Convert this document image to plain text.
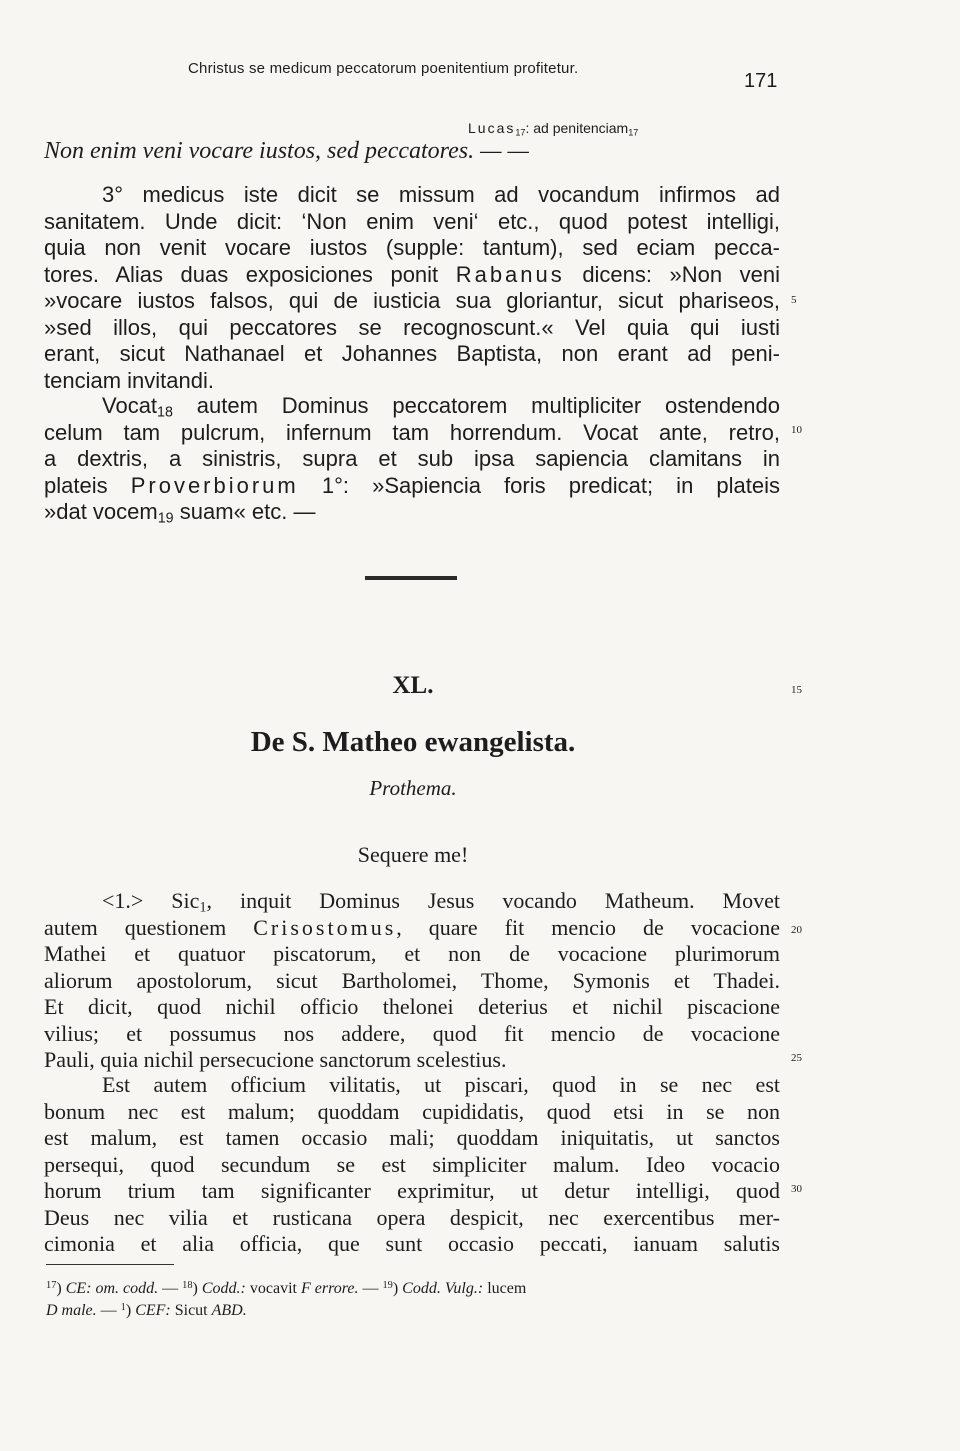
Christus se medicum peccatorum poenitentium profitetur.
171
Lucas$_{17}$: ad penitenciam$_{17}$
Non enim veni vocare iustos, sed peccatores. — —
3° medicus iste dicit se missum ad vocandum infirmos ad
sanitatem. Unde dicit: ‘Non enim veni‘ etc., quod potest intelligi,
quia non venit vocare iustos (supple: tantum), sed eciam pecca-
tores. Alias duas exposiciones ponit Rabanus dicens: »Non veni
»vocare iustos falsos, qui de iusticia sua gloriantur, sicut phariseos,
»sed illos, qui peccatores se recognoscunt.« Vel quia qui iusti
erant, sicut Nathanael et Johannes Baptista, non erant ad peni-
tenciam invitandi.
Vocat$_{18}$ autem Dominus peccatorem multipliciter ostendendo
celum tam pulcrum, infernum tam horrendum. Vocat ante, retro,
a dextris, a sinistris, supra et sub ipsa sapiencia clamitans in
plateis Proverbiorum 1°: »Sapiencia foris predicat; in plateis
»dat vocem$_{19}$ suam« etc. —
XL.
De S. Matheo ewangelista.
Prothema.
Sequere me!
<1.> Sic$_1$, inquit Dominus Jesus vocando Matheum. Movet
autem questionem Crisostomus, quare fit mencio de vocacione
Mathei et quatuor piscatorum, et non de vocacione plurimorum
aliorum apostolorum, sicut Bartholomei, Thome, Symonis et Thadei.
Et dicit, quod nichil officio thelonei deterius et nichil piscacione
vilius; et possumus nos addere, quod fit mencio de vocacione
Pauli, quia nichil persecucione sanctorum scelestius.
Est autem officium vilitatis, ut piscari, quod in se nec est
bonum nec est malum; quoddam cupididatis, quod etsi in se non
est malum, est tamen occasio mali; quoddam iniquitatis, ut sanctos
persequi, quod secundum se est simpliciter malum. Ideo vocacio
horum trium tam significanter exprimitur, ut detur intelligi, quod
Deus nec vilia et rusticana opera despicit, nec exercentibus mer-
cimonia et alia officia, que sunt occasio peccati, ianuam salutis
5
10
15
20
25
30
$^{17}$) CE: om. codd. — $^{18}$) Codd.: vocavit F errore. — $^{19}$) Codd. Vulg.: lucem
D male. — $^1$) CEF: Sicut ABD.
